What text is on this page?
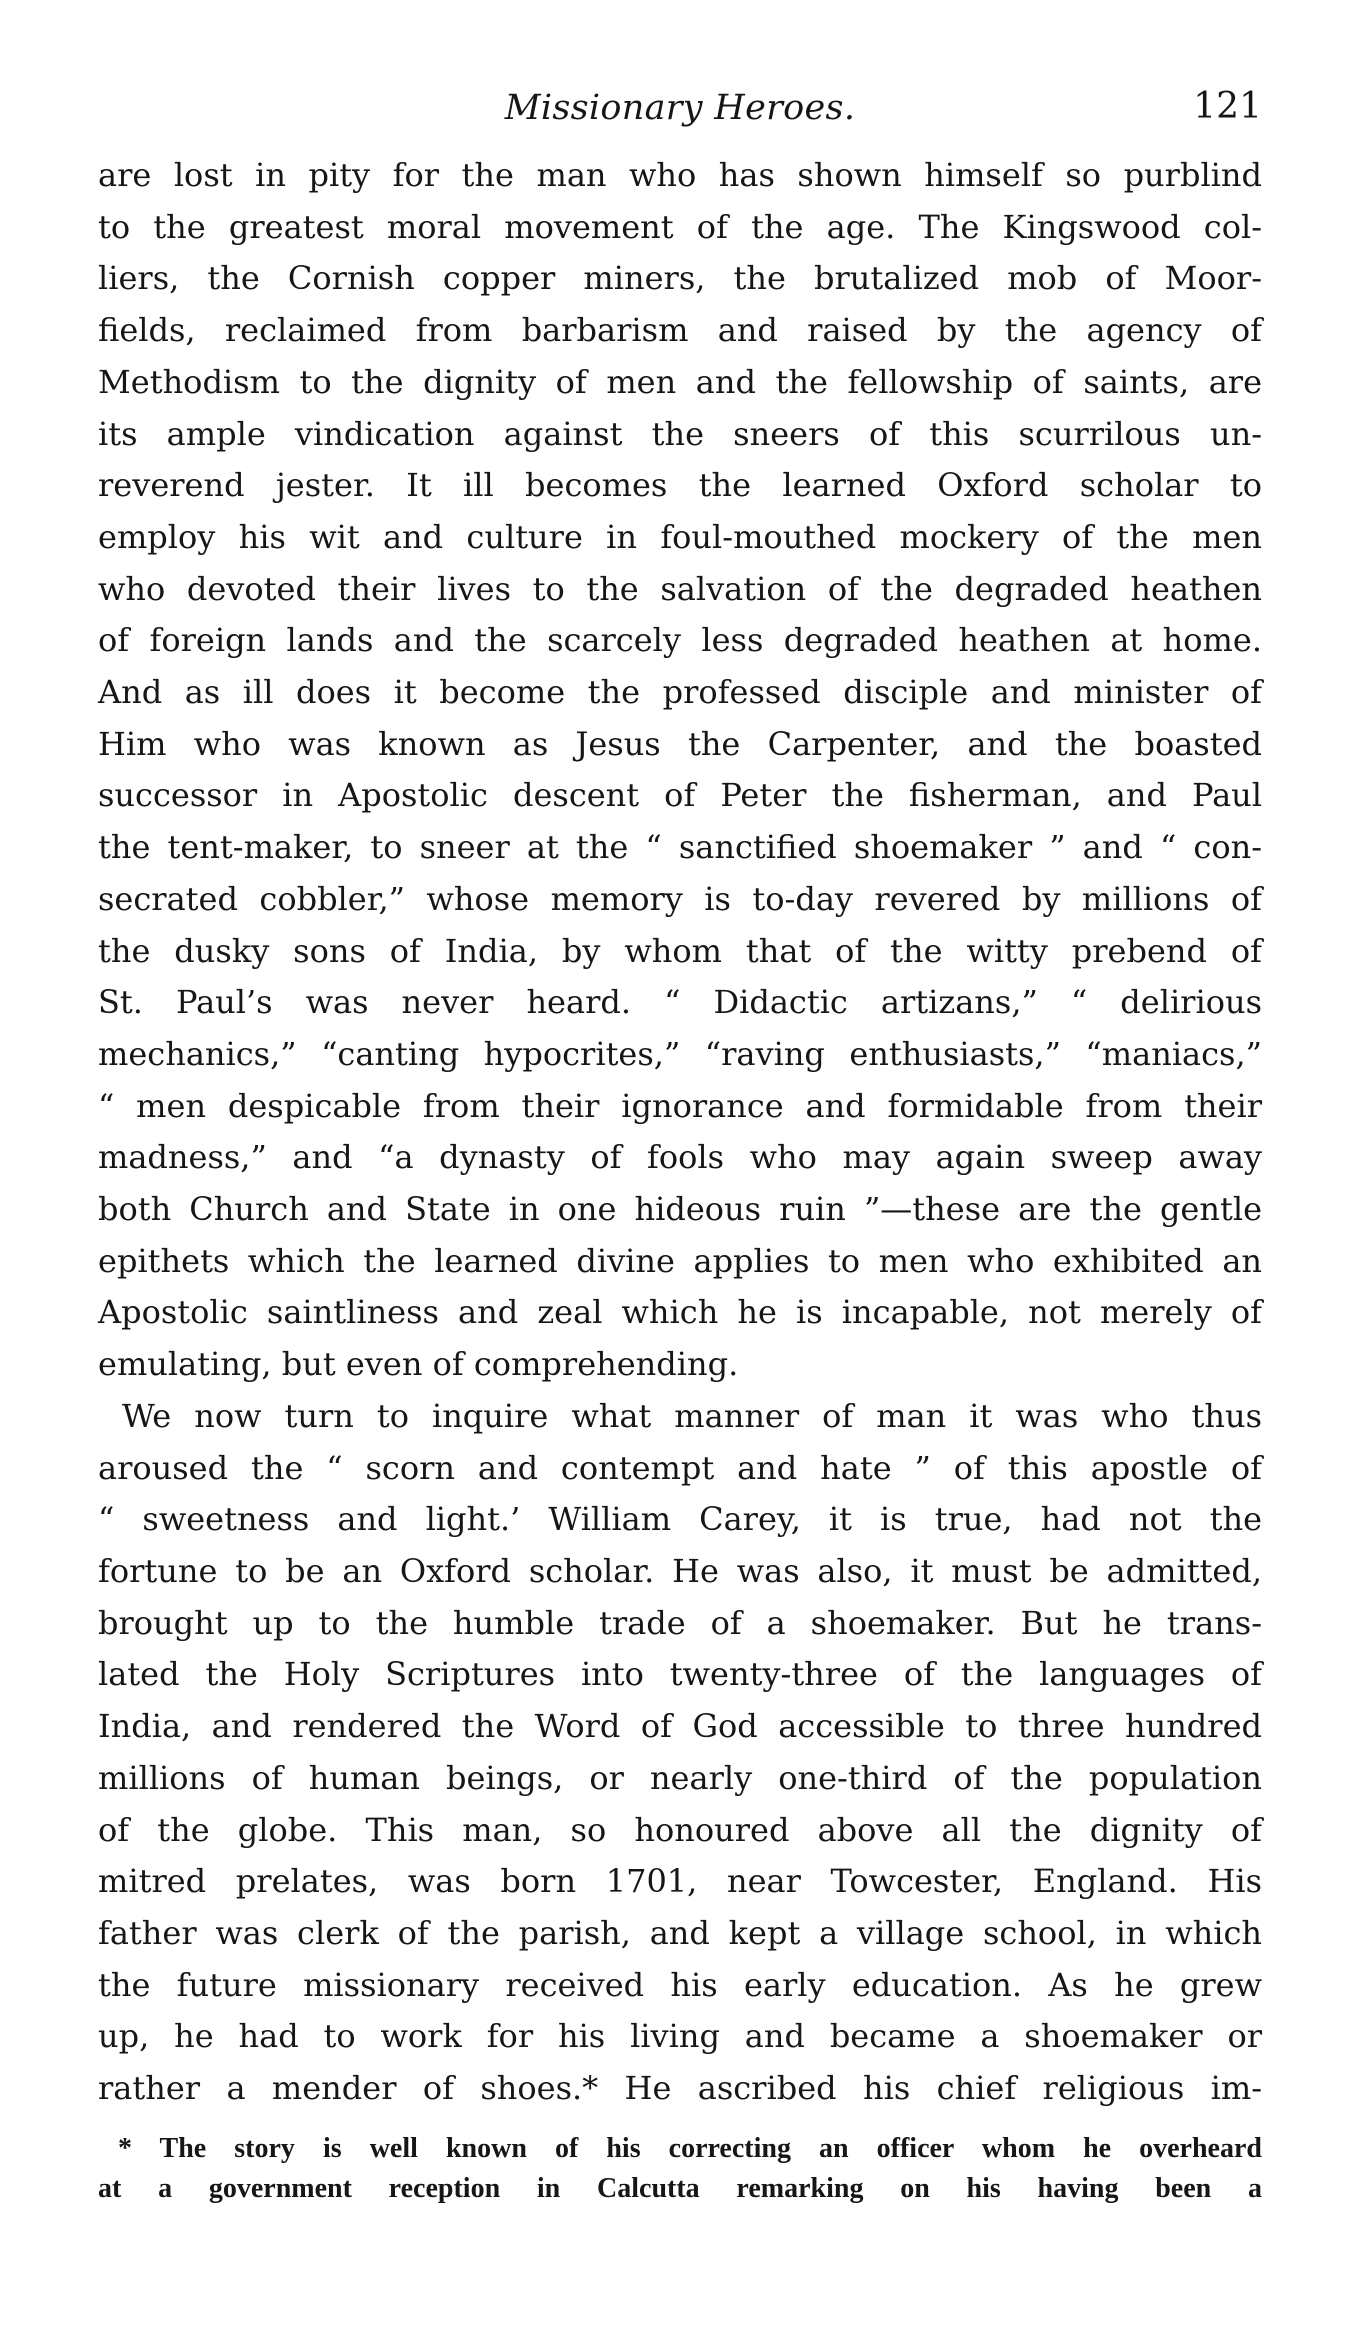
Missionary Heroes.	121
are lost in pity for the man who has shown himself so purblind
to the greatest moral movement of the age. The Kingswood col-
liers, the Cornish copper miners, the brutalized mob of Moor-
fields, reclaimed from barbarism and raised by the agency of
Methodism to the dignity of men and the fellowship of saints, are
its ample vindication against the sneers of this scurrilous un-
reverend jester. It ill becomes the learned Oxford scholar to
employ his wit and culture in foul-mouthed mockery of the men
who devoted their lives to the salvation of the degraded heathen
of foreign lands and the scarcely less degraded heathen at home.
And as ill does it become the professed disciple and minister of
Him who was known as Jesus the Carpenter, and the boasted
successor in Apostolic descent of Peter the fisherman, and Paul
the tent-maker, to sneer at the “ sanctified shoemaker ” and “ con-
secrated cobbler,” whose memory is to-day revered by millions of
the dusky sons of India, by whom that of the witty prebend of
St. Paul’s was never heard. “ Didactic artizans,” “ delirious
mechanics,” “canting hypocrites,” “raving enthusiasts,” “maniacs,”
“ men despicable from their ignorance and formidable from their
madness,” and “a dynasty of fools who may again sweep away
both Church and State in one hideous ruin ”—these are the gentle
epithets which the learned divine applies to men who exhibited an
Apostolic saintliness and zeal which he is incapable, not merely of
emulating, but even of comprehending.
We now turn to inquire what manner of man it was who thus
aroused the “ scorn and contempt and hate ” of this apostle of
“ sweetness and light.’ William Carey, it is true, had not the
fortune to be an Oxford scholar. He was also, it must be admitted,
brought up to the humble trade of a shoemaker. But he trans-
lated the Holy Scriptures into twenty-three of the languages of
India, and rendered the Word of God accessible to three hundred
millions of human beings, or nearly one-third of the population
of the globe. This man, so honoured above all the dignity of
mitred prelates, was born 1701, near Towcester, England. His
father was clerk of the parish, and kept a village school, in which
the future missionary received his early education. As he grew
up, he had to work for his living and became a shoemaker or
rather a mender of shoes.* He ascribed his chief religious im-
* The story is well known of his correcting an officer whom he overheard
at a government reception in Calcutta remarking on his having been a
